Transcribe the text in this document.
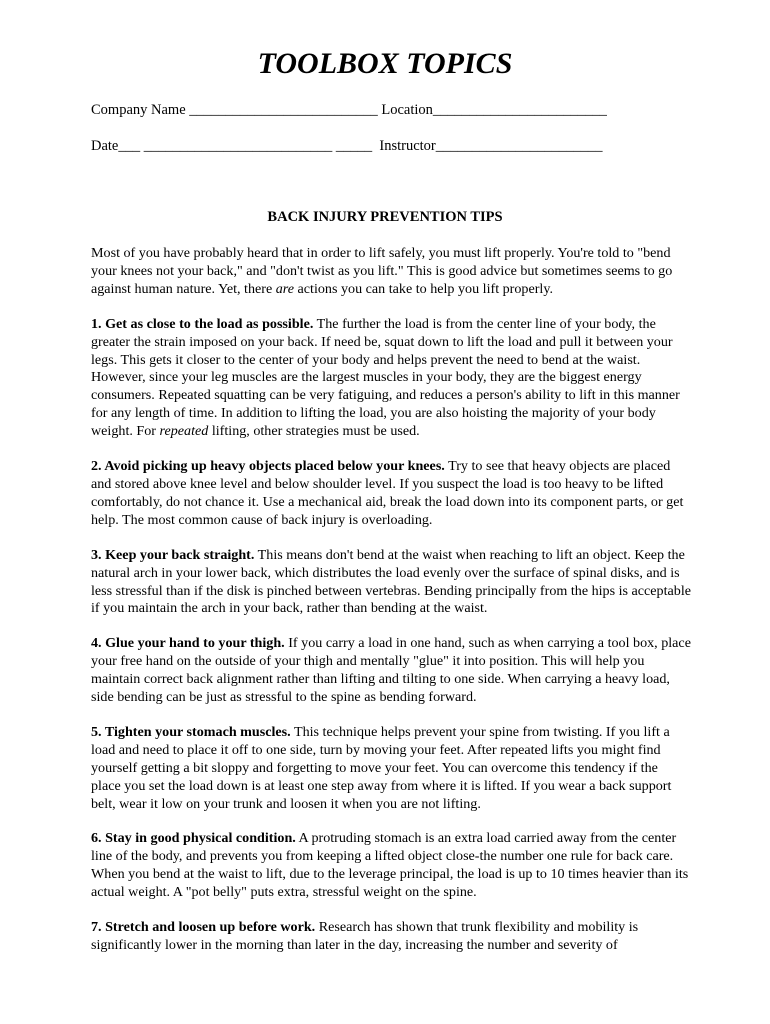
TOOLBOX TOPICS

Company Name __________________________ Location________________________

Date___ __________________________ _____ Instructor_______________________

BACK INJURY PREVENTION TIPS

Most of you have probably heard that in order to lift safely, you must lift properly. You're told to "bend your knees not your back," and "don't twist as you lift." This is good advice but sometimes seems to go against human nature. Yet, there are actions you can take to help you lift properly.

1. Get as close to the load as possible. The further the load is from the center line of your body, the greater the strain imposed on your back. If need be, squat down to lift the load and pull it between your legs. This gets it closer to the center of your body and helps prevent the need to bend at the waist. However, since your leg muscles are the largest muscles in your body, they are the biggest energy consumers. Repeated squatting can be very fatiguing, and reduces a person's ability to lift in this manner for any length of time. In addition to lifting the load, you are also hoisting the majority of your body weight. For repeated lifting, other strategies must be used.

2. Avoid picking up heavy objects placed below your knees. Try to see that heavy objects are placed and stored above knee level and below shoulder level. If you suspect the load is too heavy to be lifted comfortably, do not chance it. Use a mechanical aid, break the load down into its component parts, or get help. The most common cause of back injury is overloading.

3. Keep your back straight. This means don't bend at the waist when reaching to lift an object. Keep the natural arch in your lower back, which distributes the load evenly over the surface of spinal disks, and is less stressful than if the disk is pinched between vertebras. Bending principally from the hips is acceptable if you maintain the arch in your back, rather than bending at the waist.

4. Glue your hand to your thigh. If you carry a load in one hand, such as when carrying a tool box, place your free hand on the outside of your thigh and mentally "glue" it into position. This will help you maintain correct back alignment rather than lifting and tilting to one side. When carrying a heavy load, side bending can be just as stressful to the spine as bending forward.

5. Tighten your stomach muscles. This technique helps prevent your spine from twisting. If you lift a load and need to place it off to one side, turn by moving your feet. After repeated lifts you might find yourself getting a bit sloppy and forgetting to move your feet. You can overcome this tendency if the place you set the load down is at least one step away from where it is lifted. If you wear a back support belt, wear it low on your trunk and loosen it when you are not lifting.

6. Stay in good physical condition. A protruding stomach is an extra load carried away from the center line of the body, and prevents you from keeping a lifted object close-the number one rule for back care. When you bend at the waist to lift, due to the leverage principal, the load is up to 10 times heavier than its actual weight. A "pot belly" puts extra, stressful weight on the spine.

7. Stretch and loosen up before work. Research has shown that trunk flexibility and mobility is significantly lower in the morning than later in the day, increasing the number and severity of
